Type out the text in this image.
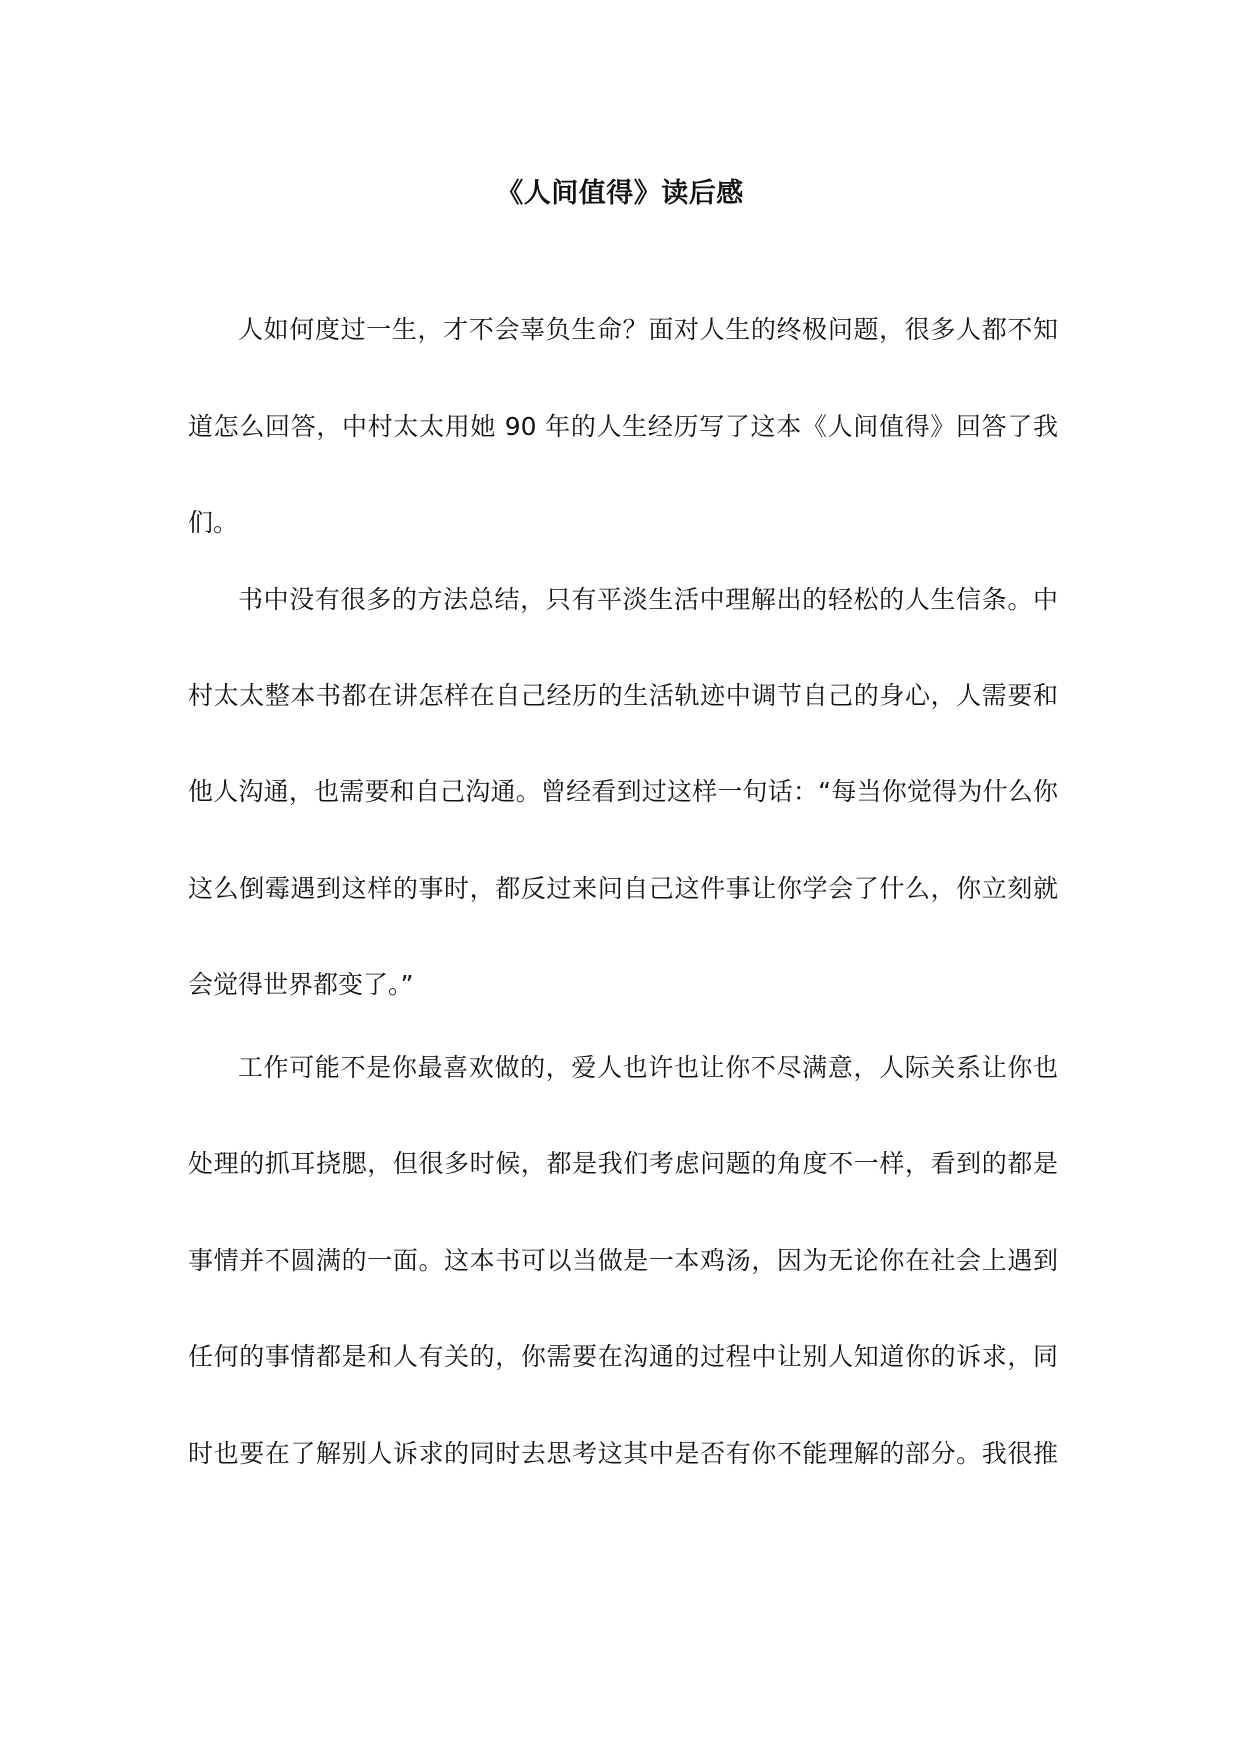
《人间值得》读后感

人如何度过一生，才不会辜负生命？面对人生的终极问题，很多人都不知

道怎么回答，中村太太用她 90 年的人生经历写了这本《人间值得》回答了我

们。

书中没有很多的方法总结，只有平淡生活中理解出的轻松的人生信条。中

村太太整本书都在讲怎样在自己经历的生活轨迹中调节自己的身心，人需要和

他人沟通，也需要和自己沟通。曾经看到过这样一句话：“每当你觉得为什么你

这么倒霉遇到这样的事时，都反过来问自己这件事让你学会了什么，你立刻就

会觉得世界都变了。”

工作可能不是你最喜欢做的，爱人也许也让你不尽满意，人际关系让你也

处理的抓耳挠腮，但很多时候，都是我们考虑问题的角度不一样，看到的都是

事情并不圆满的一面。这本书可以当做是一本鸡汤，因为无论你在社会上遇到

任何的事情都是和人有关的，你需要在沟通的过程中让别人知道你的诉求，同

时也要在了解别人诉求的同时去思考这其中是否有你不能理解的部分。我很推
